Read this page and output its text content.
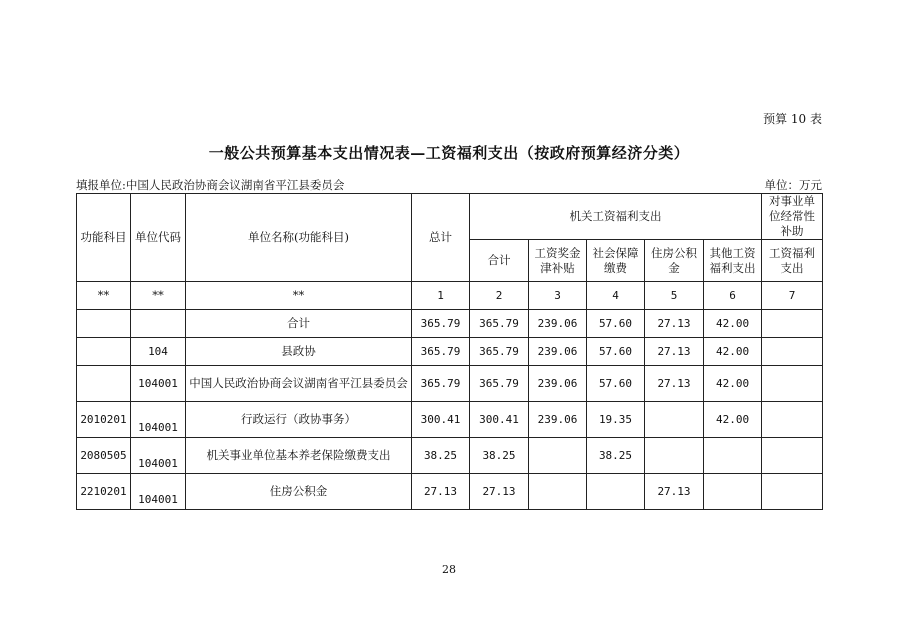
预算 10 表
一般公共预算基本支出情况表—工资福利支出（按政府预算经济分类）
填报单位:中国人民政治协商会议湖南省平江县委员会	单位：万元
功能科目	单位代码	单位名称(功能科目)	总计	机关工资福利支出					对事业单位经常性补助
				合计	工资奖金津补贴	社会保障缴费	住房公积金	其他工资福利支出	工资福利支出
**	**	**	1	2	3	4	5	6	7
		合计	365.79	365.79	239.06	57.60	27.13	42.00	
	104	县政协	365.79	365.79	239.06	57.60	27.13	42.00	
	104001	中国人民政治协商会议湖南省平江县委员会	365.79	365.79	239.06	57.60	27.13	42.00	
2010201	104001	行政运行（政协事务）	300.41	300.41	239.06	19.35		42.00	
2080505	104001	机关事业单位基本养老保险缴费支出	38.25	38.25		38.25			
2210201	104001	住房公积金	27.13	27.13			27.13		
28
